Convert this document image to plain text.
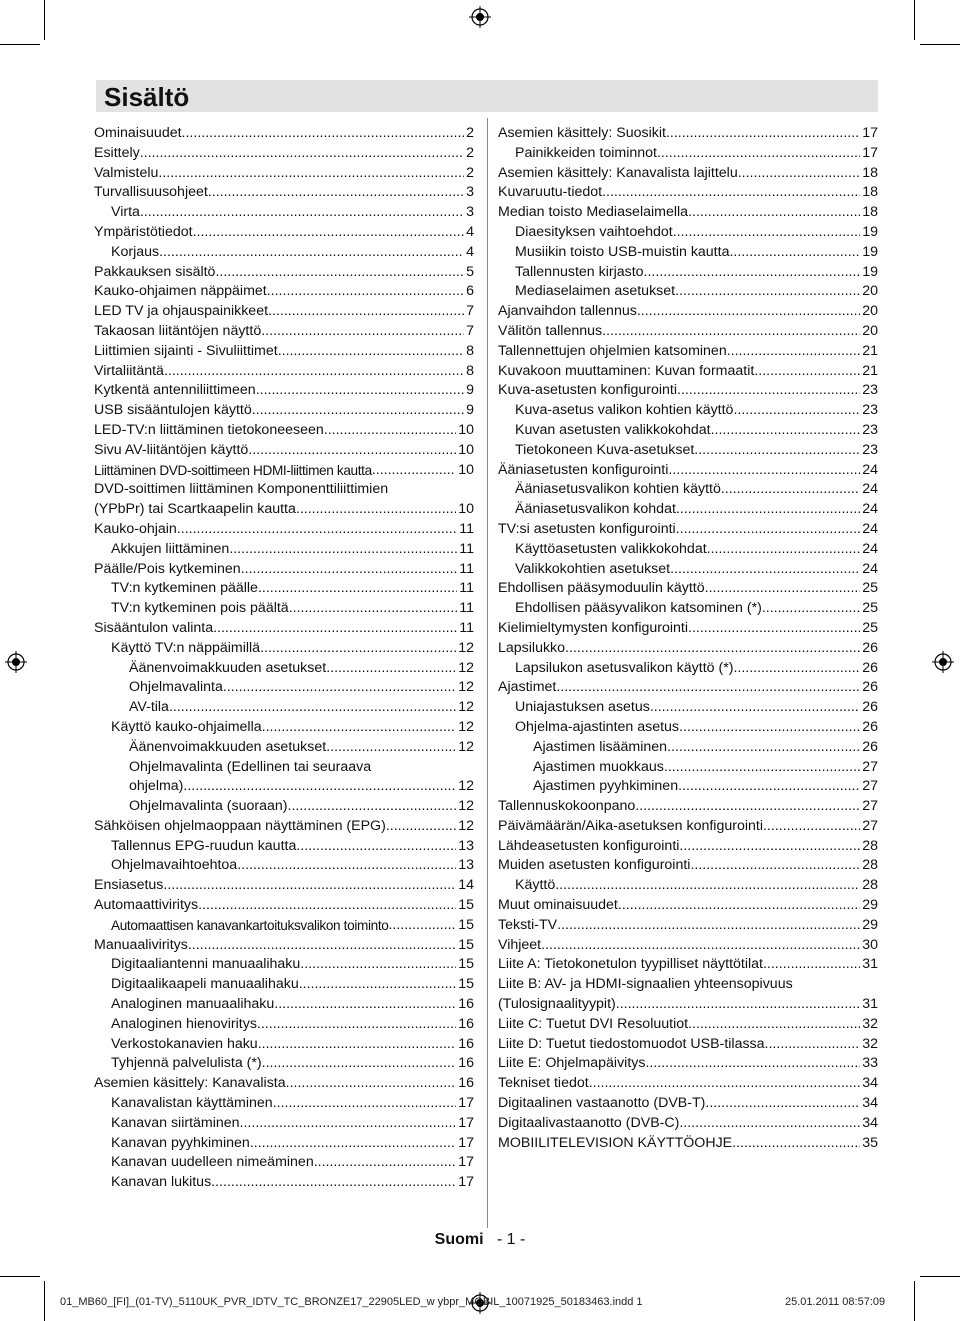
Sisältö
Ominaisuudet .....	2
Esittely .....	2
Valmistelu .....	2
Turvallisuusohjeet .....	3
Virta .....	3
Ympäristötiedot .....	4
Korjaus .....	4
Pakkauksen sisältö .....	5
Kauko-ohjaimen näppäimet .....	6
LED TV ja ohjauspainikkeet .....	7
Takaosan liitäntöjen näyttö .....	7
Liittimien sijainti - Sivuliittimet .....	8
Virtaliitäntä .....	8
Kytkentä antenniliittimeen .....	9
USB sisääntulojen käyttö .....	9
LED-TV:n liittäminen tietokoneeseen .....	10
Sivu AV-liitäntöjen käyttö .....	10
Liittäminen DVD-soittimeen HDMI-liittimen kautta .....	10
DVD-soittimen liittäminen Komponenttiliittimien
(YPbPr) tai Scartkaapelin kautta .....	10
Kauko-ohjain .....	11
Akkujen liittäminen .....	11
Päälle/Pois kytkeminen .....	11
TV:n kytkeminen päälle .....	11
TV:n kytkeminen pois päältä .....	11
Sisääntulon valinta .....	11
Käyttö TV:n näppäimillä .....	12
Äänenvoimakkuuden asetukset .....	12
Ohjelmavalinta .....	12
AV-tila .....	12
Käyttö kauko-ohjaimella .....	12
Äänenvoimakkuuden asetukset .....	12
Ohjelmavalinta (Edellinen tai seuraava
ohjelma) .....	12
Ohjelmavalinta (suoraan) .....	12
Sähköisen ohjelmaoppaan näyttäminen (EPG) .....	12
Tallennus EPG-ruudun kautta .....	13
Ohjelmavaihtoehtoa .....	13
Ensiasetus .....	14
Automaattiviritys .....	15
Automaattisen kanavankartoituksvalikon toiminto .....	15
Manuaaliviritys .....	15
Digitaaliantenni manuaalihaku .....	15
Digitaalikaapeli manuaalihaku .....	15
Analoginen manuaalihaku .....	16
Analoginen hienoviritys .....	16
Verkostokanavien haku .....	16
Tyhjennä palvelulista (*) .....	16
Asemien käsittely: Kanavalista .....	16
Kanavalistan käyttäminen .....	17
Kanavan siirtäminen .....	17
Kanavan pyyhkiminen .....	17
Kanavan uudelleen nimeäminen .....	17
Kanavan lukitus .....	17
Asemien käsittely: Suosikit .....	17
Painikkeiden toiminnot .....	17
Asemien käsittely: Kanavalista lajittelu .....	18
Kuvaruutu-tiedot .....	18
Median toisto Mediaselaimella .....	18
Diaesityksen vaihtoehdot .....	19
Musiikin toisto USB-muistin kautta .....	19
Tallennusten kirjasto .....	19
Mediaselaimen asetukset .....	20
Ajanvaihdon tallennus .....	20
Välitön tallennus .....	20
Tallennettujen ohjelmien katsominen .....	21
Kuvakoon muuttaminen: Kuvan formaatit .....	21
Kuva-asetusten konfigurointi .....	23
Kuva-asetus valikon kohtien käyttö .....	23
Kuvan asetusten valikkokohdat .....	23
Tietokoneen Kuva-asetukset .....	23
Ääniasetusten konfigurointi .....	24
Ääniasetusvalikon kohtien käyttö .....	24
Ääniasetusvalikon kohdat .....	24
TV:si asetusten konfigurointi .....	24
Käyttöasetusten valikkokohdat .....	24
Valikkokohtien asetukset .....	24
Ehdollisen pääsymoduulin käyttö .....	25
Ehdollisen pääsyvalikon katsominen (*) .....	25
Kielimieltymysten konfigurointi .....	25
Lapsilukko .....	26
Lapsilukon asetusvalikon käyttö (*) .....	26
Ajastimet .....	26
Uniajastuksen asetus .....	26
Ohjelma-ajastinten asetus .....	26
Ajastimen lisääminen .....	26
Ajastimen muokkaus .....	27
Ajastimen pyyhkiminen .....	27
Tallennuskokoonpano .....	27
Päivämäärän/Aika-asetuksen konfigurointi .....	27
Lähdeasetusten konfigurointi .....	28
Muiden asetusten konfigurointi .....	28
Käyttö .....	28
Muut ominaisuudet .....	29
Teksti-TV .....	29
Vihjeet .....	30
Liite A: Tietokonetulon tyypilliset näyttötilat .....	31
Liite B: AV- ja HDMI-signaalien yhteensopivuus
(Tulosignaalityypit) .....	31
Liite C: Tuetut DVI Resoluutiot .....	32
Liite D: Tuetut tiedostomuodot USB-tilassa .....	32
Liite E: Ohjelmapäivitys .....	33
Tekniset tiedot .....	34
Digitaalinen vastaanotto (DVB-T) .....	34
Digitaalivastaanotto (DVB-C) .....	34
MOBIILITELEVISION KÄYTTÖOHJE .....	35
Suomi - 1 -
01_MB60_[FI]_(01-TV)_5110UK_PVR_IDTV_TC_BRONZE17_22905LED_w ybpr_MOBIL_10071925_50183463.indd 1	25.01.2011 08:57:09
